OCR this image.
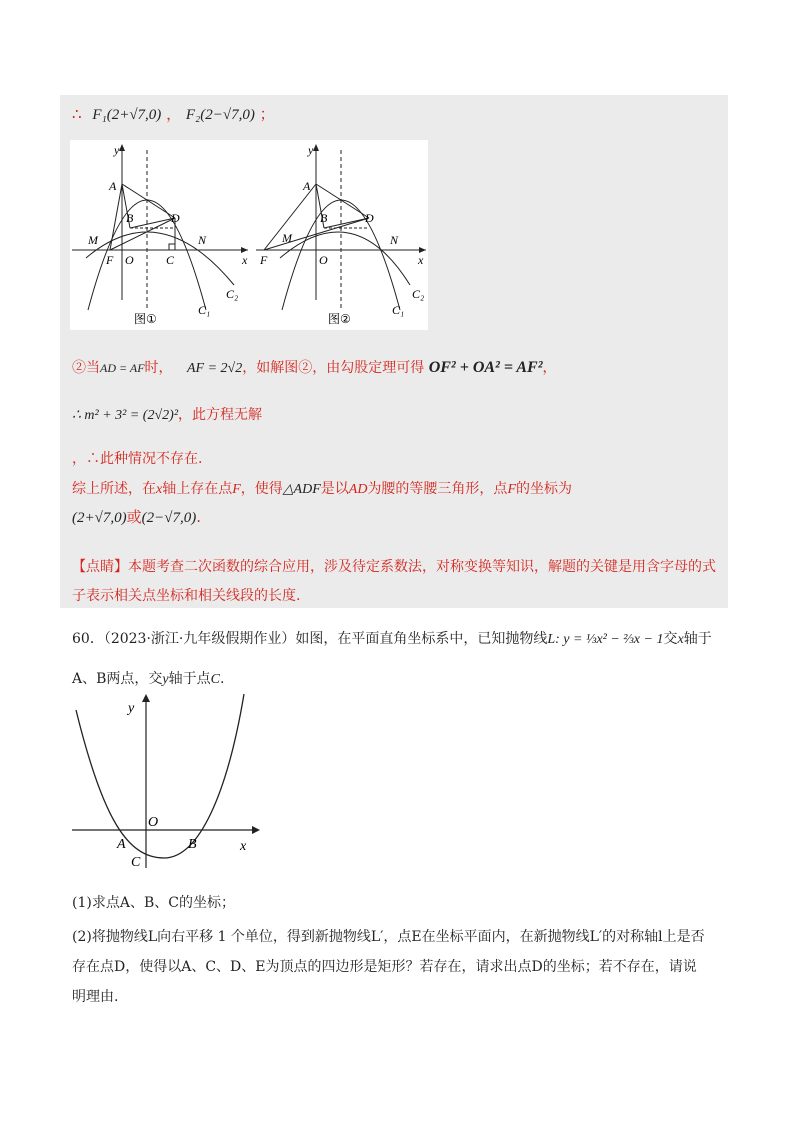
∴ F₁(2+√7,0) ， F₂(2−√7,0) ；
y
x
A
B	D
M	N
F O	C
C₂
C₁
图①
y
x
A
B	D
M	N
F	O
C₂
C₁
图②
②当AD = AF时， AF = 2√2，如解图②，由勾股定理可得 OF² + OA² = AF²，
∴ m² + 3² = (2√2)²，此方程无解
，∴此种情况不存在.
综上所述，在x轴上存在点F，使得△ADF是以AD为腰的等腰三角形，点F的坐标为
(2+√7,0)或(2−√7,0).
【点睛】本题考查二次函数的综合应用，涉及待定系数法，对称变换等知识，解题的关键是用含字母的式
子表示相关点坐标和相关线段的长度.
60．（2023·浙江·九年级假期作业）如图，在平面直角坐标系中，已知抛物线L: y = ⅓x² − ⅔x − 1交x轴于
A、B两点，交y轴于点C.
y
x
O
A	B
C
(1)求点A、B、C的坐标；
(2)将抛物线L向右平移 1 个单位，得到新抛物线L′，点E在坐标平面内，在新抛物线L′的对称轴l上是否
存在点D，使得以A、C、D、E为顶点的四边形是矩形？若存在，请求出点D的坐标；若不存在，请说
明理由.
